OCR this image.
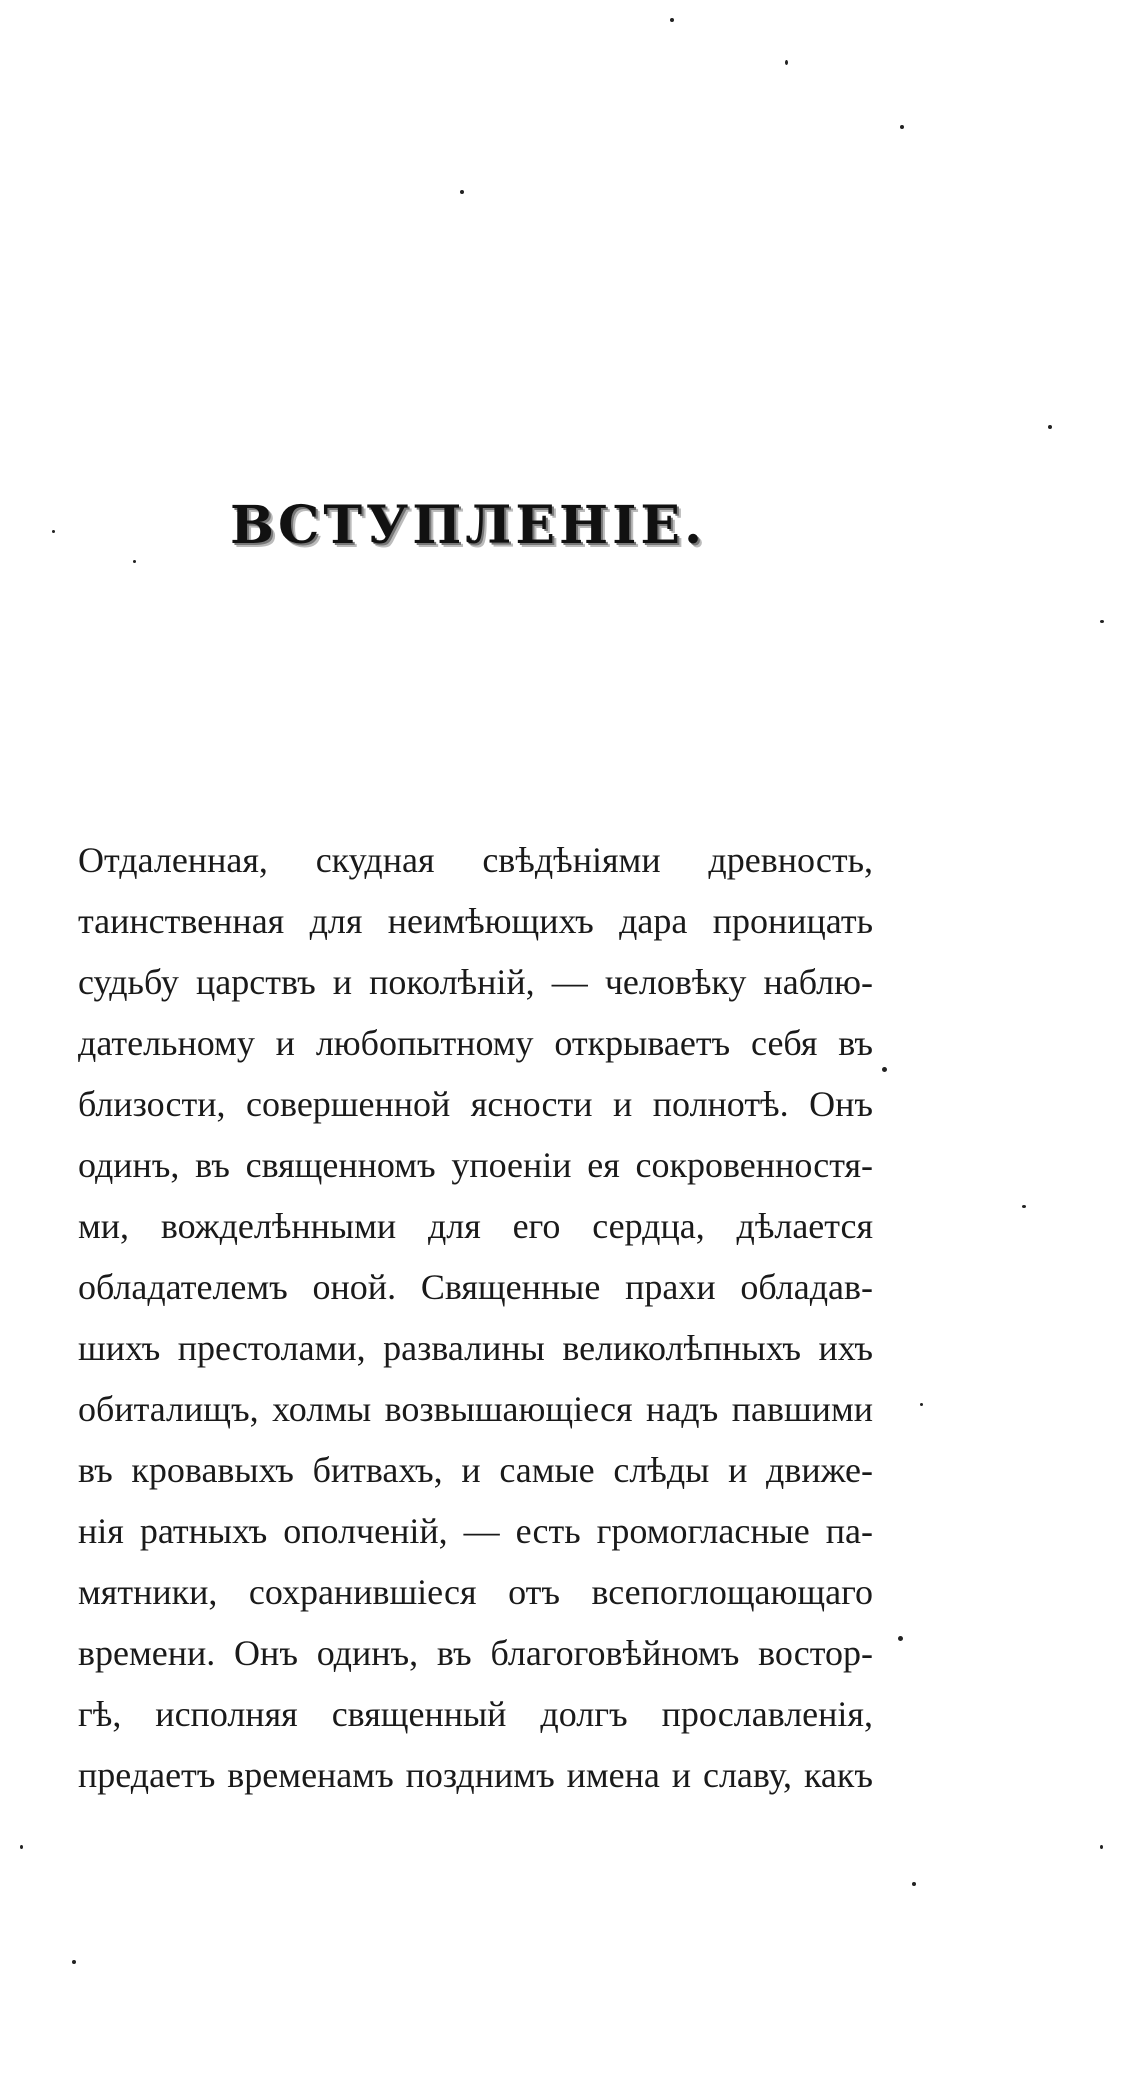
ВСТУПЛЕНІЕ.
Отдаленная, скудная свѣдѣніями древность,
таинственная для неимѣющихъ дара проницать
судьбу царствъ и поколѣній, — человѣку наблю-
дательному и любопытному открываетъ себя въ
близости, совершенной ясности и полнотѣ. Онъ
одинъ, въ священномъ упоеніи ея сокровенностя-
ми, вожделѣнными для его сердца, дѣлается
обладателемъ оной. Священные прахи обладав-
шихъ престолами, развалины великолѣпныхъ ихъ
обиталищъ, холмы возвышающіеся надъ павшими
въ кровавыхъ битвахъ, и самые слѣды и движе-
нія ратныхъ ополченій, — есть громогласные па-
мятники, сохранившіеся отъ всепоглощающаго
времени. Онъ одинъ, въ благоговѣйномъ востор-
гѣ, исполняя священный долгъ прославленія,
предаетъ временамъ позднимъ имена и славу, какъ
